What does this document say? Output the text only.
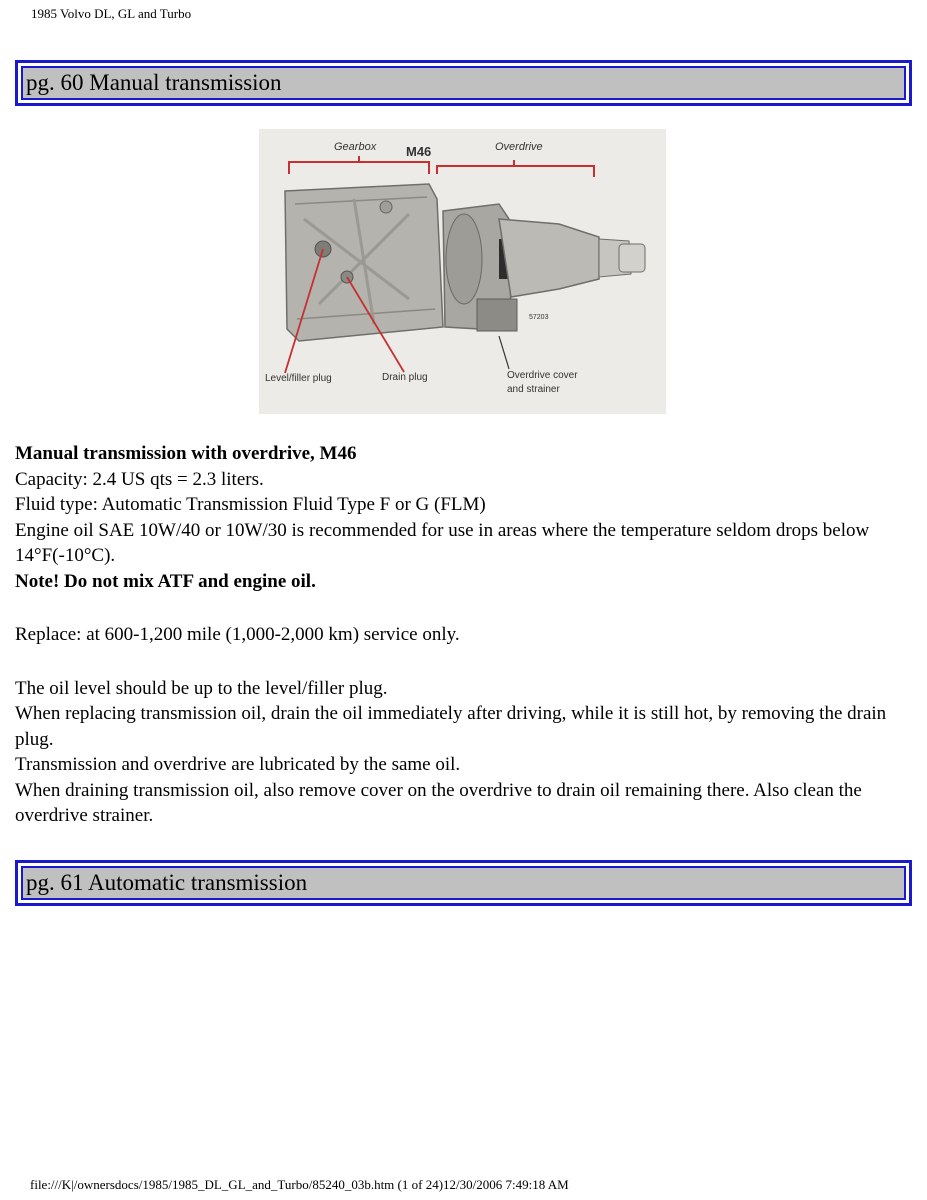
1985 Volvo DL, GL and Turbo
pg. 60 Manual transmission
Gearbox M46	Overdrive
57203
Level/filler plug	Drain plug	Overdrive cover
and strainer

Manual transmission with overdrive, M46

Capacity: 2.4 US qts = 2.3 liters.

Fluid type: Automatic Transmission Fluid Type F or G (FLM)

Engine oil SAE 10W/40 or 10W/30 is recommended for use in areas where the temperature seldom drops below 14°F(-10°C).

Note! Do not mix ATF and engine oil.

Replace: at 600-1,200 mile (1,000-2,000 km) service only.

The oil level should be up to the level/filler plug.

When replacing transmission oil, drain the oil immediately after driving, while it is still hot, by removing the drain plug.

Transmission and overdrive are lubricated by the same oil.

When draining transmission oil, also remove cover on the overdrive to drain oil remaining there. Also clean the overdrive strainer.

pg. 61 Automatic transmission
file:///K|/ownersdocs/1985/1985_DL_GL_and_Turbo/85240_03b.htm (1 of 24)12/30/2006 7:49:18 AM
